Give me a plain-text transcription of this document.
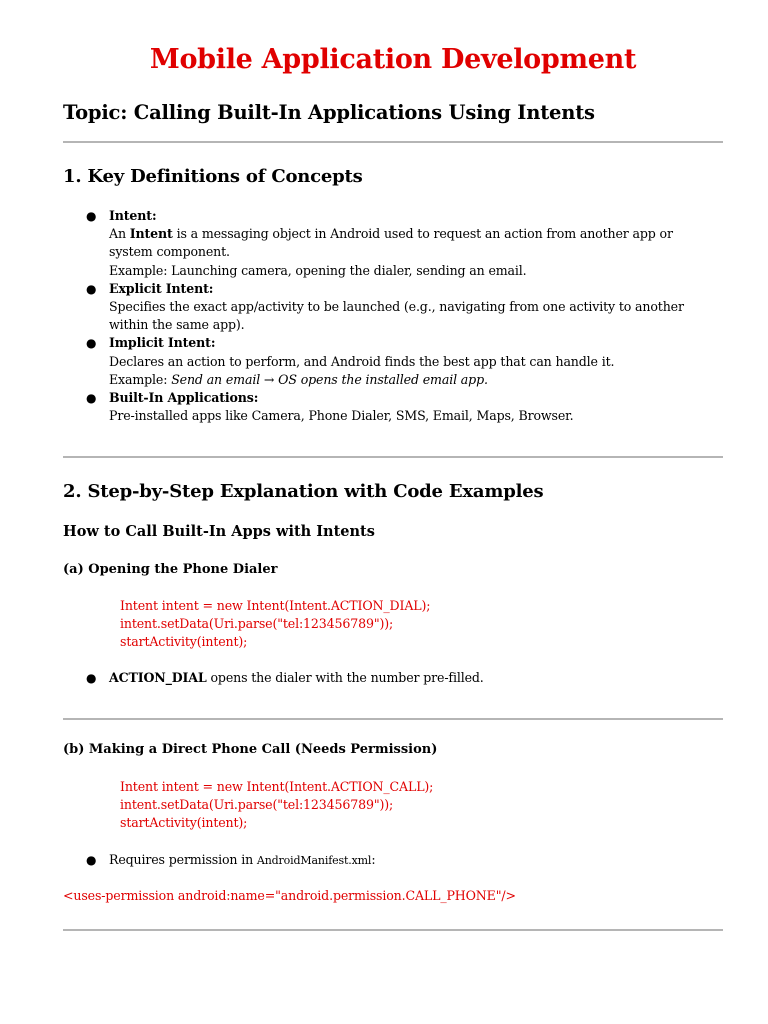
Mobile Application Development
Topic: Calling Built-In Applications Using Intents
1. Key Definitions of Concepts
● Intent:
An Intent is a messaging object in Android used to request an action from another app or
system component.
Example: Launching camera, opening the dialer, sending an email.
● Explicit Intent:
Specifies the exact app/activity to be launched (e.g., navigating from one activity to another
within the same app).
● Implicit Intent:
Declares an action to perform, and Android finds the best app that can handle it.
Example: Send an email → OS opens the installed email app.
● Built-In Applications:
Pre-installed apps like Camera, Phone Dialer, SMS, Email, Maps, Browser.
2. Step-by-Step Explanation with Code Examples
How to Call Built-In Apps with Intents
(a) Opening the Phone Dialer
Intent intent = new Intent(Intent.ACTION_DIAL);
intent.setData(Uri.parse("tel:123456789"));
startActivity(intent);
● ACTION_DIAL opens the dialer with the number pre-filled.
(b) Making a Direct Phone Call (Needs Permission)
Intent intent = new Intent(Intent.ACTION_CALL);
intent.setData(Uri.parse("tel:123456789"));
startActivity(intent);
● Requires permission in AndroidManifest.xml:
<uses-permission android:name="android.permission.CALL_PHONE"/>
